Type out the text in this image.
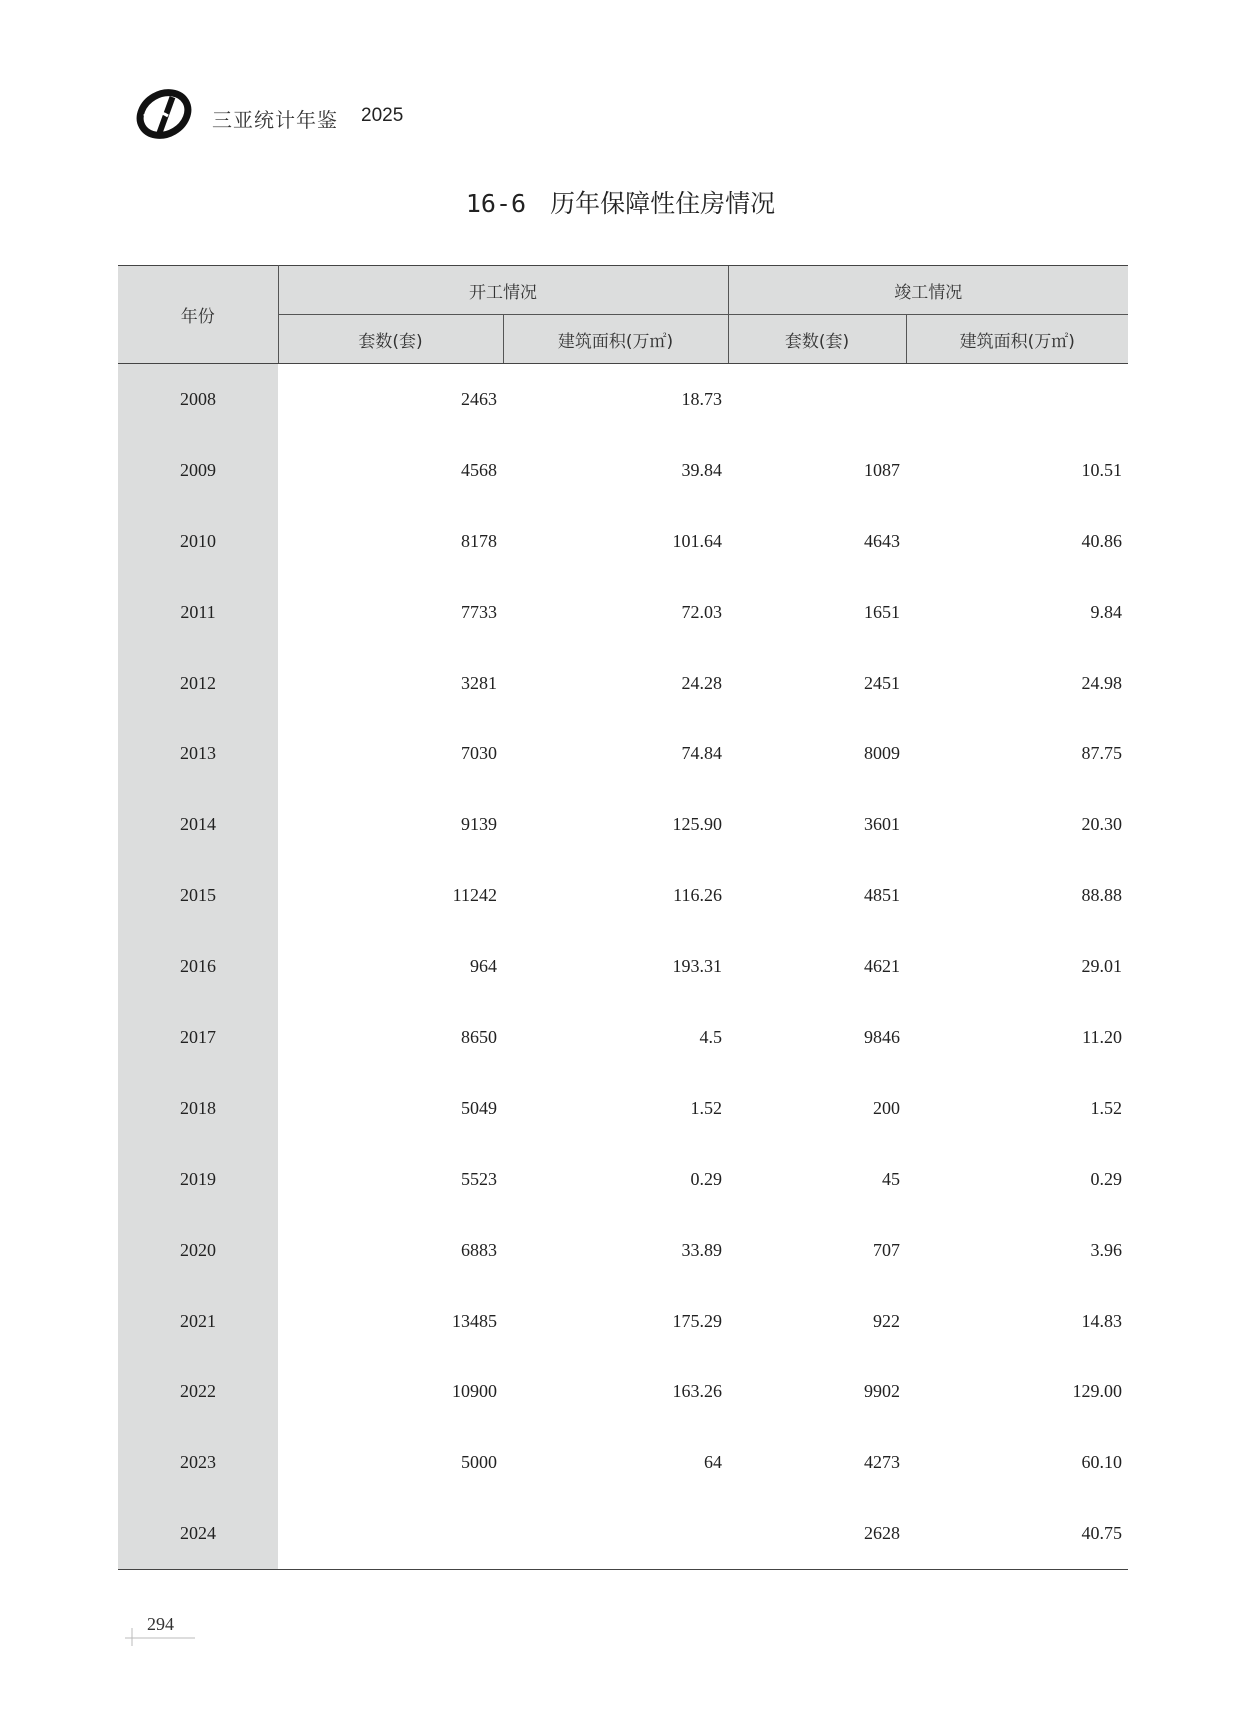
三亚统计年鉴 2025
16-6 历年保障性住房情况
年份	开工情况		竣工情况	
	套数(套)	建筑面积(万㎡)	套数(套)	建筑面积(万㎡)
2008	2463	18.73		
2009	4568	39.84	1087	10.51
2010	8178	101.64	4643	40.86
2011	7733	72.03	1651	9.84
2012	3281	24.28	2451	24.98
2013	7030	74.84	8009	87.75
2014	9139	125.90	3601	20.30
2015	11242	116.26	4851	88.88
2016	964	193.31	4621	29.01
2017	8650	4.5	9846	11.20
2018	5049	1.52	200	1.52
2019	5523	0.29	45	0.29
2020	6883	33.89	707	3.96
2021	13485	175.29	922	14.83
2022	10900	163.26	9902	129.00
2023	5000	64	4273	60.10
2024			2628	40.75
294
